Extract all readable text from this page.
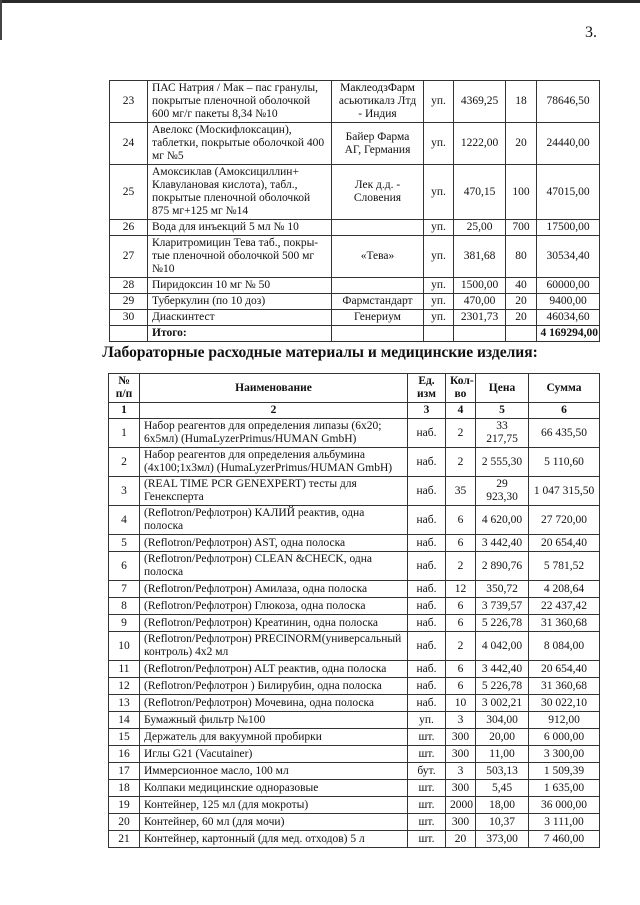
3.
23	ПАС Натрия / Мак – пас гранулы, покрытые пленочной оболочкой 600 мг/г пакеты 8,34 №10	МаклеодзФарм асьютикалз Лтд - Индия	уп.	4369,25	18	78646,50
24	Авелокс (Москифлоксацин), таблетки, покрытые оболочкой 400 мг №5	Байер Фарма АГ, Германия	уп.	1222,00	20	24440,00
25	Амоксиклав (Амоксициллин+ Клавулановая кислота), табл., покрытые пленочной оболочкой 875 мг+125 мг №14	Лек д.д. - Словения	уп.	470,15	100	47015,00
26	Вода для инъекций 5 мл № 10		уп.	25,00	700	17500,00
27	Кларитромицин Тева таб., покры-тые пленочной оболочкой 500 мг №10	«Тева»	уп.	381,68	80	30534,40
28	Пиридоксин 10 мг № 50		уп.	1500,00	40	60000,00
29	Туберкулин (по 10 доз)	Фармстандарт	уп.	470,00	20	9400,00
30	Диаскинтест	Генериум	уп.	2301,73	20	46034,60
	Итого:					4 169294,00
Лабораторные расходные материалы и медицинские изделия:
№ п/п	Наименование	Ед. изм	Кол-во	Цена	Сумма
1	2	3	4	5	6
1	Набор реагентов для определения липазы (6х20; 6х5мл) (HumaLyzerPrimus/HUMAN GmbH)	наб.	2	33 217,75	66 435,50
2	Набор реагентов для определения альбумина (4х100;1х3мл) (HumaLyzerPrimus/HUMAN GmbH)	наб.	2	2 555,30	5 110,60
3	(REAL TIME PCR GENEXPERT) тесты для Генексперта	наб.	35	29 923,30	1 047 315,50
4	(Reflotron/Рефлотрон) КАЛИЙ реактив, одна полоска	наб.	6	4 620,00	27 720,00
5	(Reflotron/Рефлотрон) AST, одна полоска	наб.	6	3 442,40	20 654,40
6	(Reflotron/Рефлотрон) CLEAN &CHECK, одна полоска	наб.	2	2 890,76	5 781,52
7	(Reflotron/Рефлотрон) Амилаза, одна полоска	наб.	12	350,72	4 208,64
8	(Reflotron/Рефлотрон) Глюкоза, одна полоска	наб.	6	3 739,57	22 437,42
9	(Reflotron/Рефлотрон) Креатинин, одна полоска	наб.	6	5 226,78	31 360,68
10	(Reflotron/Рефлотрон) PRECINORM(универсальный контроль) 4х2 мл	наб.	2	4 042,00	8 084,00
11	(Reflotron/Рефлотрон) ALT реактив, одна полоска	наб.	6	3 442,40	20 654,40
12	(Reflotron/Рефлотрон ) Билирубин, одна полоска	наб.	6	5 226,78	31 360,68
13	(Reflotron/Рефлотрон) Мочевина, одна полоска	наб.	10	3 002,21	30 022,10
14	Бумажный фильтр №100	уп.	3	304,00	912,00
15	Держатель для вакуумной пробирки	шт.	300	20,00	6 000,00
16	Иглы G21 (Vacutainer)	шт.	300	11,00	3 300,00
17	Иммерсионное масло, 100 мл	бут.	3	503,13	1 509,39
18	Колпаки медицинские одноразовые	шт.	300	5,45	1 635,00
19	Контейнер, 125 мл (для мокроты)	шт.	2000	18,00	36 000,00
20	Контейнер, 60 мл (для мочи)	шт.	300	10,37	3 111,00
21	Контейнер, картонный (для мед. отходов) 5 л	шт.	20	373,00	7 460,00
